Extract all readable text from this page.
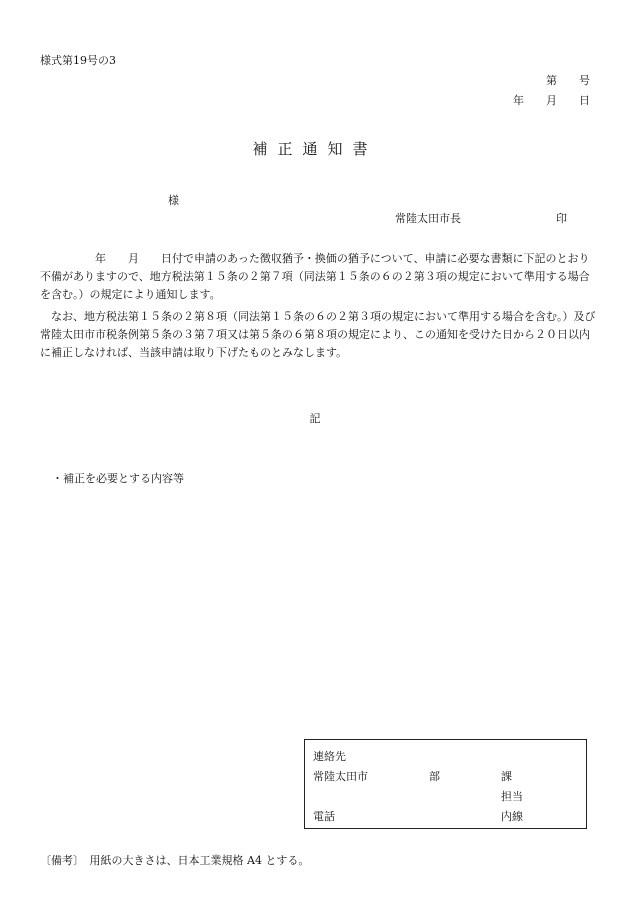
様式第19号の3
第　　号
年　　月　　日
補正通知書
様
常陸太田市長	印
　　　　　年　　月　　日付で申請のあった徴収猶予・換価の猶予について、申請に必要な書類に下記のとおり不備がありますので、地方税法第１５条の２第７項（同法第１５条の６の２第３項の規定において準用する場合を含む。）の規定により通知します。
　なお、地方税法第１５条の２第８項（同法第１５条の６の２第３項の規定において準用する場合を含む。）及び常陸太田市市税条例第５条の３第７項又は第５条の６第８項の規定により、この通知を受けた日から２０日以内に補正しなければ、当該申請は取り下げたものとみなします。
記
・補正を必要とする内容等
連絡先
常陸太田市	部	課
担当
電話	内線
〔備考〕　用紙の大きさは、日本工業規格 A4 とする。
